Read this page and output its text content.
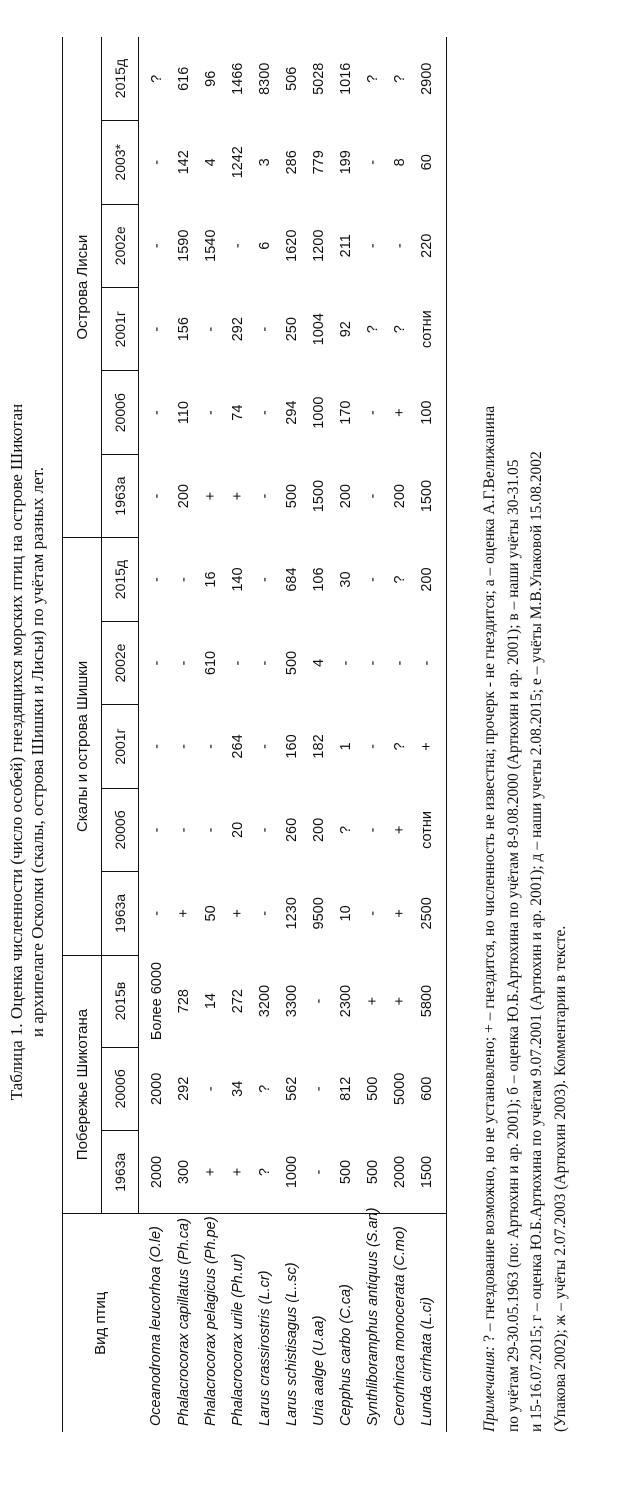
Таблица 1. Оценка численности (число особей) гнездящихся морских птиц на острове Шикотан и архипелаге Осколки (скалы, острова Шишки и Лисьи) по учётам разных лет.
Вид птиц	Побережье Шикотана			Скалы и острова Шишки					Острова Лисьи					
	1963а	2000б	2015в	1963а	2000б	2001г	2002е	2015д	1963а	2000б	2001г	2002е	2003*	2015д
Oceanodroma leucorhoa (O.le)	2000	2000	Более 6000	-	-	-	-	-	-	-	-	-	-	?
Phalacrocorax capillatus (Ph.ca)	300	292	728	+	-	-	-	-	200	110	156	1590	142	616
Phalacrocorax pelagicus (Ph.pe)	+	-	14	50	-	-	610	16	+	-	-	1540	4	96
Phalacrocorax urile (Ph.ur)	+	34	272	+	20	264	-	140	+	74	292	-	1242	1466
Larus crassirostris (L.cr)	?	?	3200	-	-	-	-	-	-	-	-	6	3	8300
Larus schistisagus (L..sc)	1000	562	3300	1230	260	160	500	684	500	294	250	1620	286	506
Uria aalge (U.aa)	-	-	-	9500	200	182	4	106	1500	1000	1004	1200	779	5028
Cepphus carbo (C.ca)	500	812	2300	10	?	1	-	30	200	170	92	211	199	1016
Synthliboramphus antiquus (S.an)	500	500	+	-	-	-	-	-	-	-	?	-	-	?
Cerorhinca monocerata (C.mo)	2000	5000	+	+	+	?	-	?	200	+	?	-	8	?
Lunda cirrhata (L.ci)	1500	600	5800	2500	сотни	+	-	200	1500	100	сотни	220	60	2900
Примечания: ? – гнездование возможно, но не установлено; + – гнездится, но численность не известна; прочерк - не гнездится; а – оценка А.Г.Велижанина по учётам 29-30.05.1963 (по: Артюхин и ар. 2001); б – оценка Ю.Б.Артюхина по учётам 8-9.08.2000 (Артюхин и ар. 2001); в – наши учёты 30-31.05 и 15-16.07.2015; г – оценка Ю.Б.Артюхина по учётам 9.07.2001 (Артюхин и ар. 2001); д – наши учеты 2.08.2015; е – учёты М.В.Упаковой 15.08.2002 (Упакова 2002); ж – учёты 2.07.2003 (Артюхин 2003). Комментарии в тексте.
